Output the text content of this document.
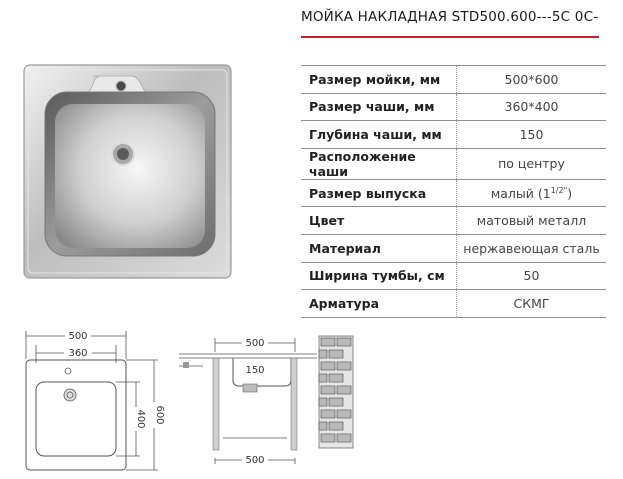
МОЙКА НАКЛАДНАЯ STD500.600---5С 0С-
Размер мойки, мм	500*600
Размер чаши, мм	360*400
Глубина чаши, мм	150
Расположение чаши	по центру
Размер выпуска	малый $(1^{1/2"})$
Цвет	матовый металл
Материал	нержавеющая сталь
Ширина тумбы, см	50
Арматура	СКМГ
500
360
600
400
500
150
500
